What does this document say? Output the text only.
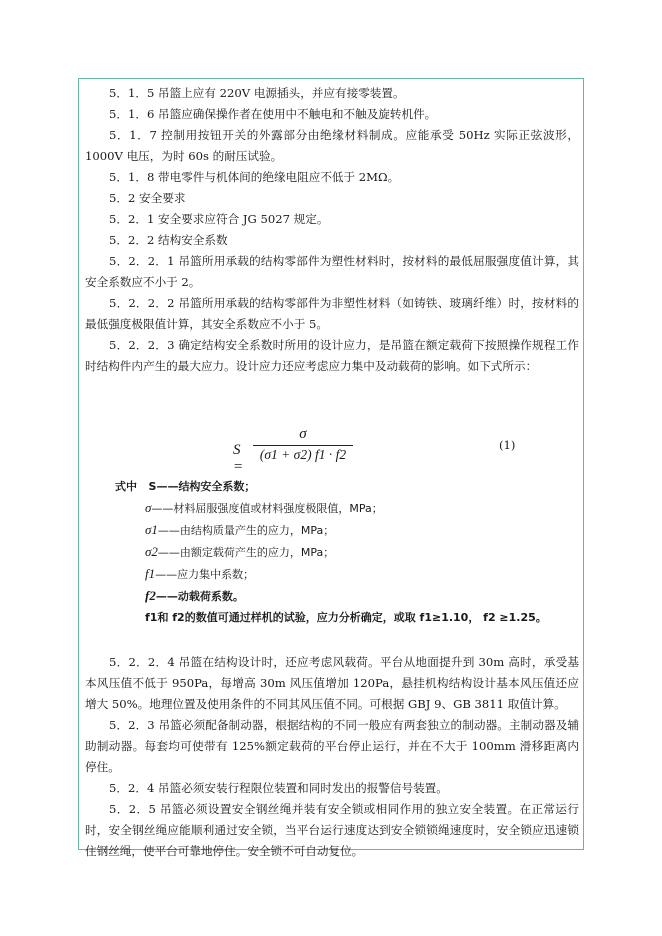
5．1．5 吊篮上应有 220V 电源插头，并应有接零装置。

5．1．6 吊篮应确保操作者在使用中不触电和不触及旋转机件。

5．1．7 控制用按钮开关的外露部分由绝缘材料制成。应能承受 50Hz 实际正弦波形，1000V 电压，为时 60s 的耐压试验。

5．1．8 带电零件与机体间的绝缘电阻应不低于 2MΩ。

5．2 安全要求

5．2．1 安全要求应符合 JG 5027 规定。

5．2．2 结构安全系数

5．2．2．1 吊篮所用承载的结构零部件为塑性材料时，按材料的最低屈服强度值计算，其安全系数应不小于 2。

5．2．2．2 吊篮所用承载的结构零部件为非塑性材料（如铸铁、玻璃纤维）时，按材料的最低强度极限值计算，其安全系数应不小于 5。

5．2．2．3 确定结构安全系数时所用的设计应力，是吊篮在额定载荷下按照操作规程工作时结构件内产生的最大应力。设计应力还应考虑应力集中及动载荷的影响。如下式所示：

S =
σ
(σ1 + σ2) f1 · f2
(1)
式中 S——结构安全系数；
σ——材料屈服强度值或材料强度极限值，MPa；
σ1——由结构质量产生的应力，MPa；
σ2——由额定载荷产生的应力，MPa；
f1——应力集中系数；
f2——动载荷系数。
f1和 f2的数值可通过样机的试验，应力分析确定，或取 f1≥1.10， f2 ≥1.25。

5．2．2．4 吊篮在结构设计时，还应考虑风载荷。平台从地面提升到 30m 高时，承受基本风压值不低于 950Pa，每增高 30m 风压值增加 120Pa，悬挂机构结构设计基本风压值还应增大 50%。地理位置及使用条件的不同其风压值不同。可根据 GBJ 9、GB 3811 取值计算。

5．2．3 吊篮必须配备制动器，根据结构的不同一般应有两套独立的制动器。主制动器及辅助制动器。每套均可使带有 125%额定载荷的平台停止运行，并在不大于 100mm 滑移距离内停住。

5．2．4 吊篮必须安装行程限位装置和同时发出的报警信号装置。

5．2．5 吊篮必须设置安全钢丝绳并装有安全锁或相同作用的独立安全装置。在正常运行时，安全钢丝绳应能顺利通过安全锁，当平台运行速度达到安全锁锁绳速度时，安全锁应迅速锁住钢丝绳，使平台可靠地停住。安全锁不可自动复位。
